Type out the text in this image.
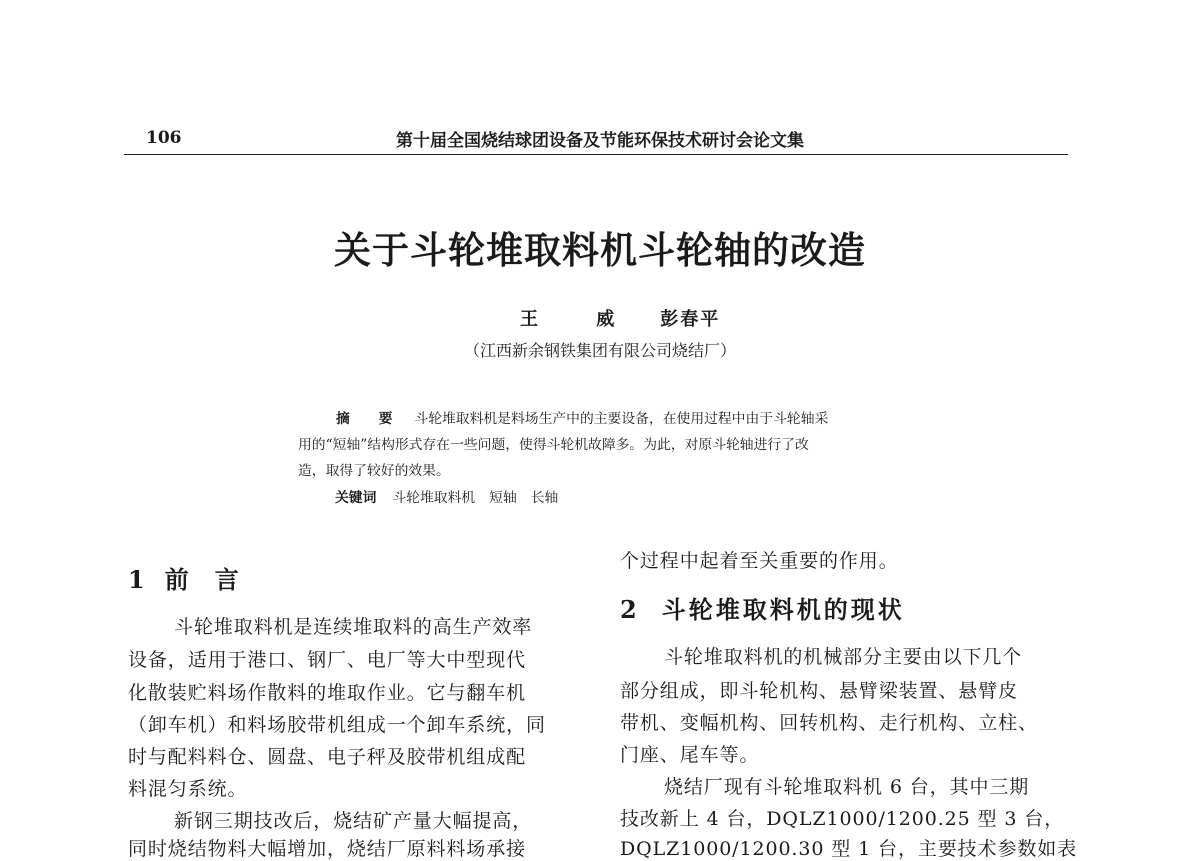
106	第十届全国烧结球团设备及节能环保技术研讨会论文集
关于斗轮堆取料机斗轮轴的改造
王 威 彭春平
（江西新余钢铁集团有限公司烧结厂）
摘 要 斗轮堆取料机是料场生产中的主要设备，在使用过程中由于斗轮轴采
用的“短轴”结构形式存在一些问题，使得斗轮机故障多。为此，对原斗轮轴进行了改
造，取得了较好的效果。
关键词 斗轮堆取料机 短轴 长轴
1 前言

斗轮堆取料机是连续堆取料的高生产效率

设备，适用于港口、钢厂、电厂等大中型现代

化散装贮料场作散料的堆取作业。它与翻车机

（卸车机）和料场胶带机组成一个卸车系统，同

时与配料料仓、圆盘、电子秤及胶带机组成配

料混匀系统。

新钢三期技改后，烧结矿产量大幅提高，

同时烧结物料大幅增加，烧结厂原料料场承接

个过程中起着至关重要的作用。

2 斗轮堆取料机的现状

斗轮堆取料机的机械部分主要由以下几个

部分组成，即斗轮机构、悬臂梁装置、悬臂皮

带机、变幅机构、回转机构、走行机构、立柱、

门座、尾车等。

烧结厂现有斗轮堆取料机 6 台，其中三期

技改新上 4 台，DQLZ1000/1200.25 型 3 台，

DQLZ1000/1200.30 型 1 台，主要技术参数如表
